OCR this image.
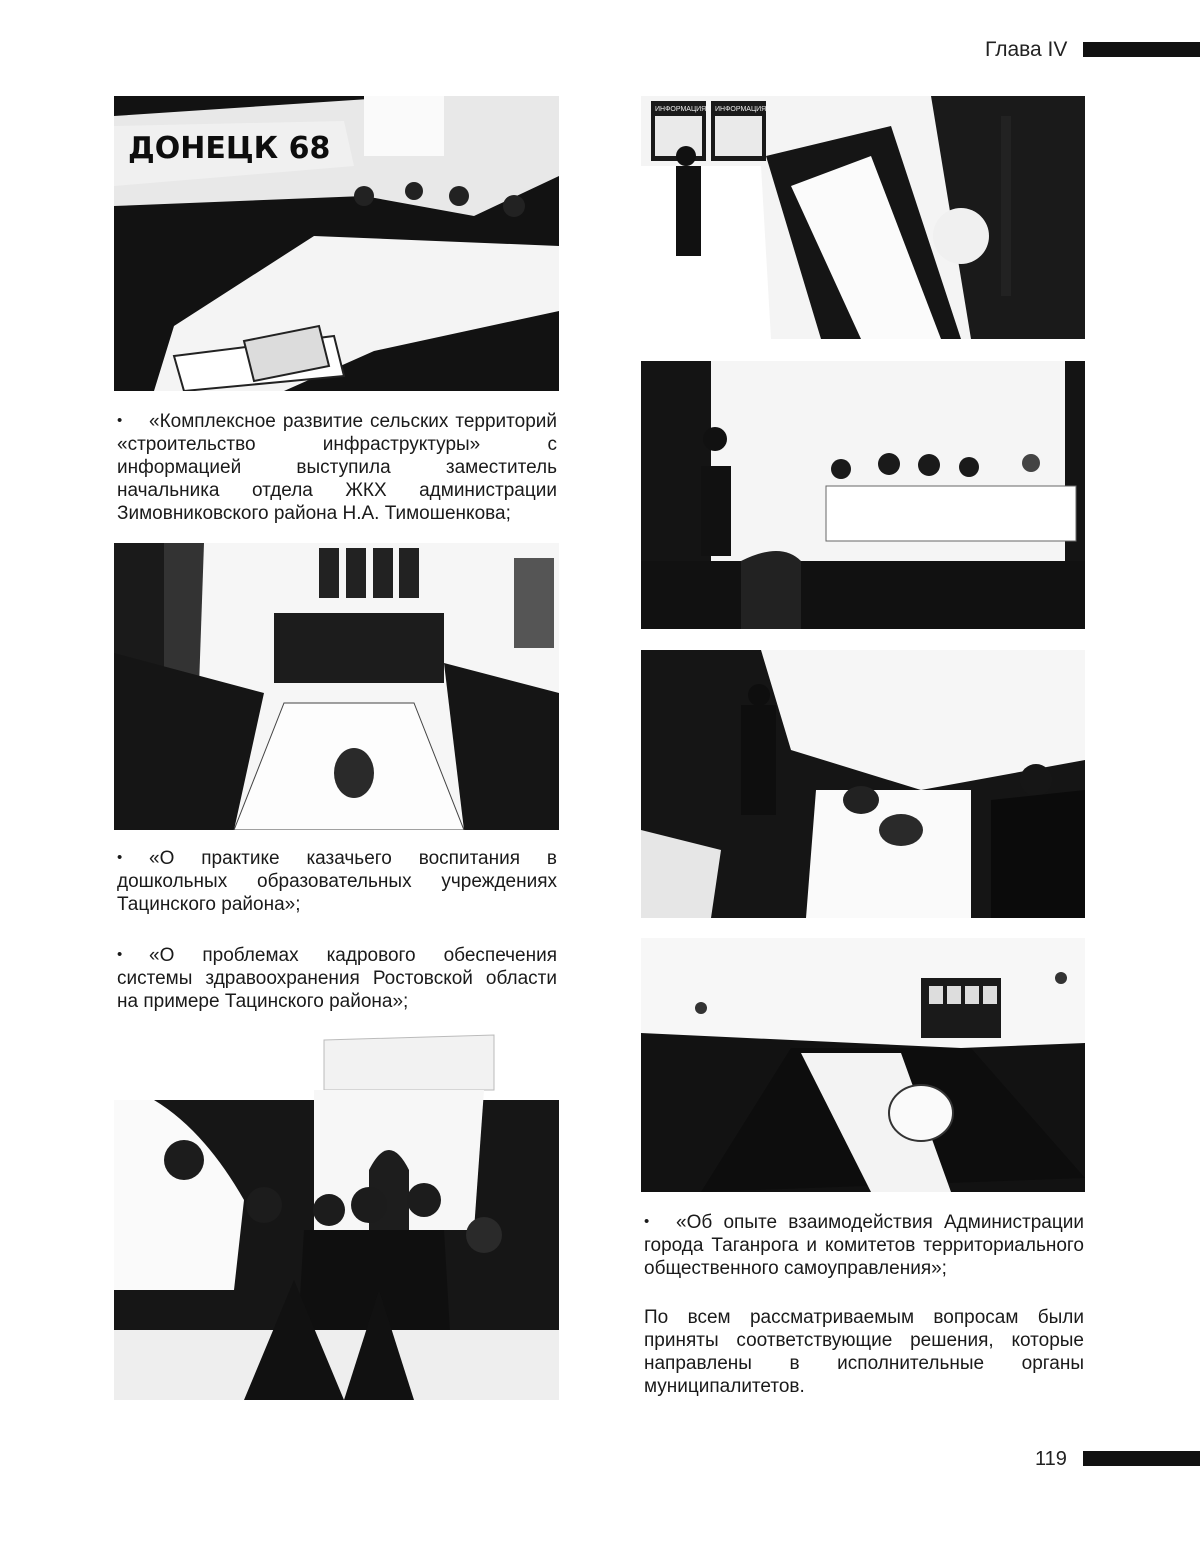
Глава IV
ДОНЕЦК 68

• «Комплексное развитие сельских территорий «строительство инфраструктуры» с информацией выступила заместитель начальника отдела ЖКХ администрации Зимовниковского района Н.А. Тимошенкова;

• «О практике казачьего воспитания в дошкольных образовательных учреждениях Тацинского района»;

• «О проблемах кадрового обеспечения системы здравоохранения Ростовской области на примере Тацинского района»;

ИНФОРМАЦИЯ ИНФОРМАЦИЯ

• «Об опыте взаимодействия Администрации города Таганрога и комитетов территориального общественного самоуправления»;

По всем рассматриваемым вопросам были приняты соответствующие решения, которые направлены в исполнительные органы муниципалитетов.

119
